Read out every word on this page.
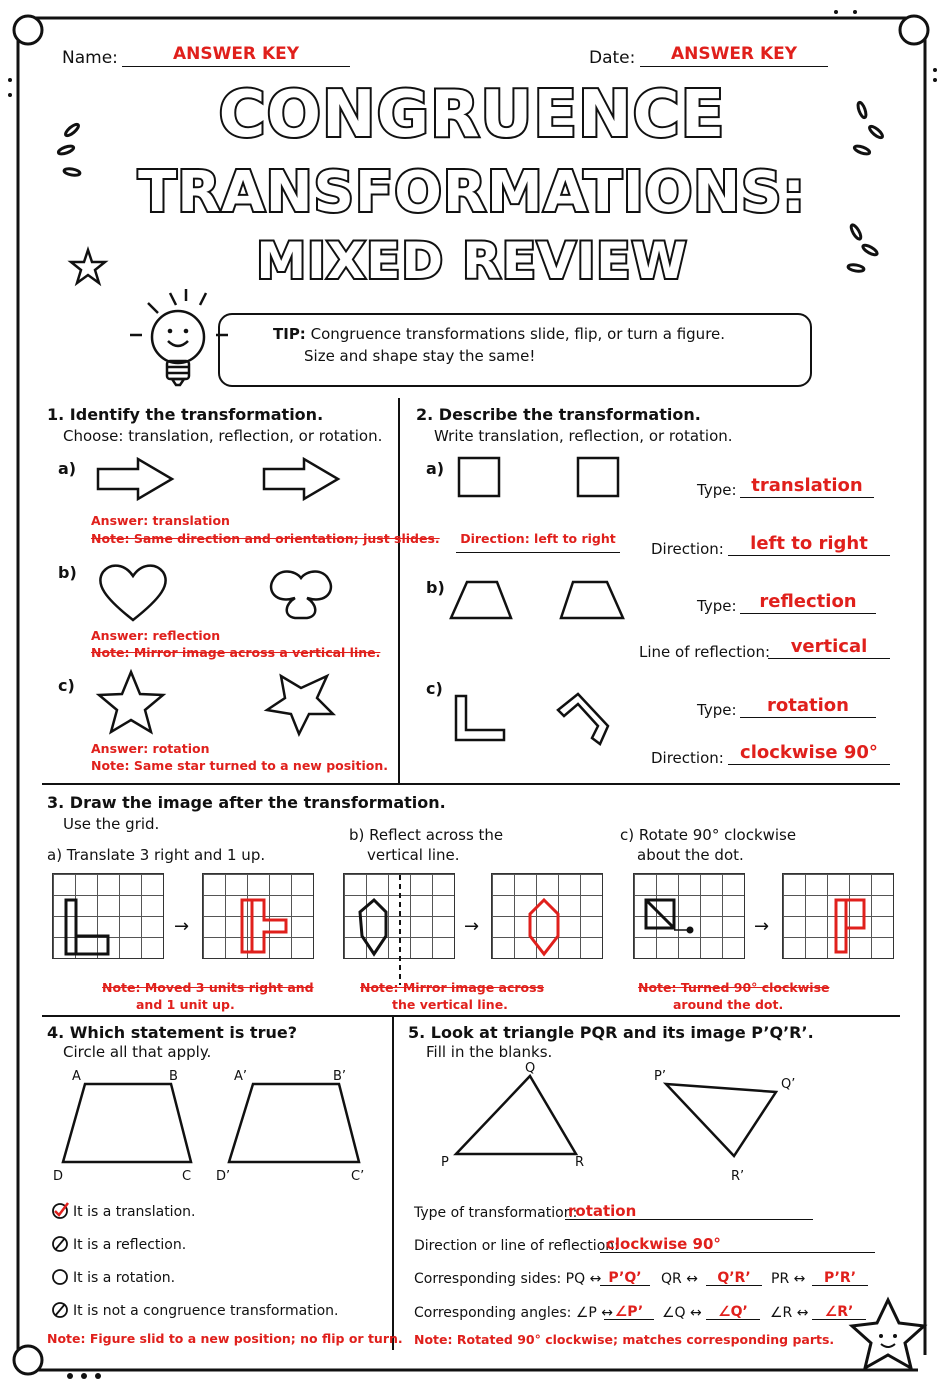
Name:	ANSWER KEY	Date:	ANSWER KEY
CONGRUENCE
TRANSFORMATIONS:
MIXED REVIEW
TIP: Congruence transformations slide, flip, or turn a figure.
Size and shape stay the same!
1. Identify the transformation.
Choose: translation, reflection, or rotation.
a)
Answer: translation
Note: Same direction and orientation; just slides.
b)
Answer: reflection
Note: Mirror image across a vertical line.
c)
Answer: rotation
Note: Same star turned to a new position.
2. Describe the transformation.
Write translation, reflection, or rotation.
a)
Type: translation
Direction: left to right
Direction:	left to right
b)
Type:	reflection
Line of reflection:	vertical
c)
Type:	rotation
Direction: clockwise 90°
3. Draw the image after the transformation.
Use the grid.
a) Translate 3 right and 1 up.
b) Reflect across the
vertical line.
c) Rotate 90° clockwise
about the dot.
→	→	→
Note: Moved 3 units right and
and 1 unit up.
Note: Mirror image across
the vertical line.
Note: Turned 90° clockwise
around the dot.
4. Which statement is true?
Circle all that apply.
A	B
C
D
A’	B’
C’
D’
It is a translation.
It is a reflection.
It is a rotation.
It is not a congruence transformation.
Note: Figure slid to a new position; no flip or turn.
5. Look at triangle PQR and its image P’Q’R’.
Fill in the blanks.
Q
P	R
P’
Q’
R’
Type of transformation:
rotation
Direction or line of reflection:
clockwise 90°
Corresponding sides: PQ ↔ P’Q’	QR ↔	Q’R’	PR ↔	P’R’
Corresponding angles: ∠P ↔ ∠P’	∠Q ↔	∠Q’	∠R ↔	∠R’
Note: Rotated 90° clockwise; matches corresponding parts.
